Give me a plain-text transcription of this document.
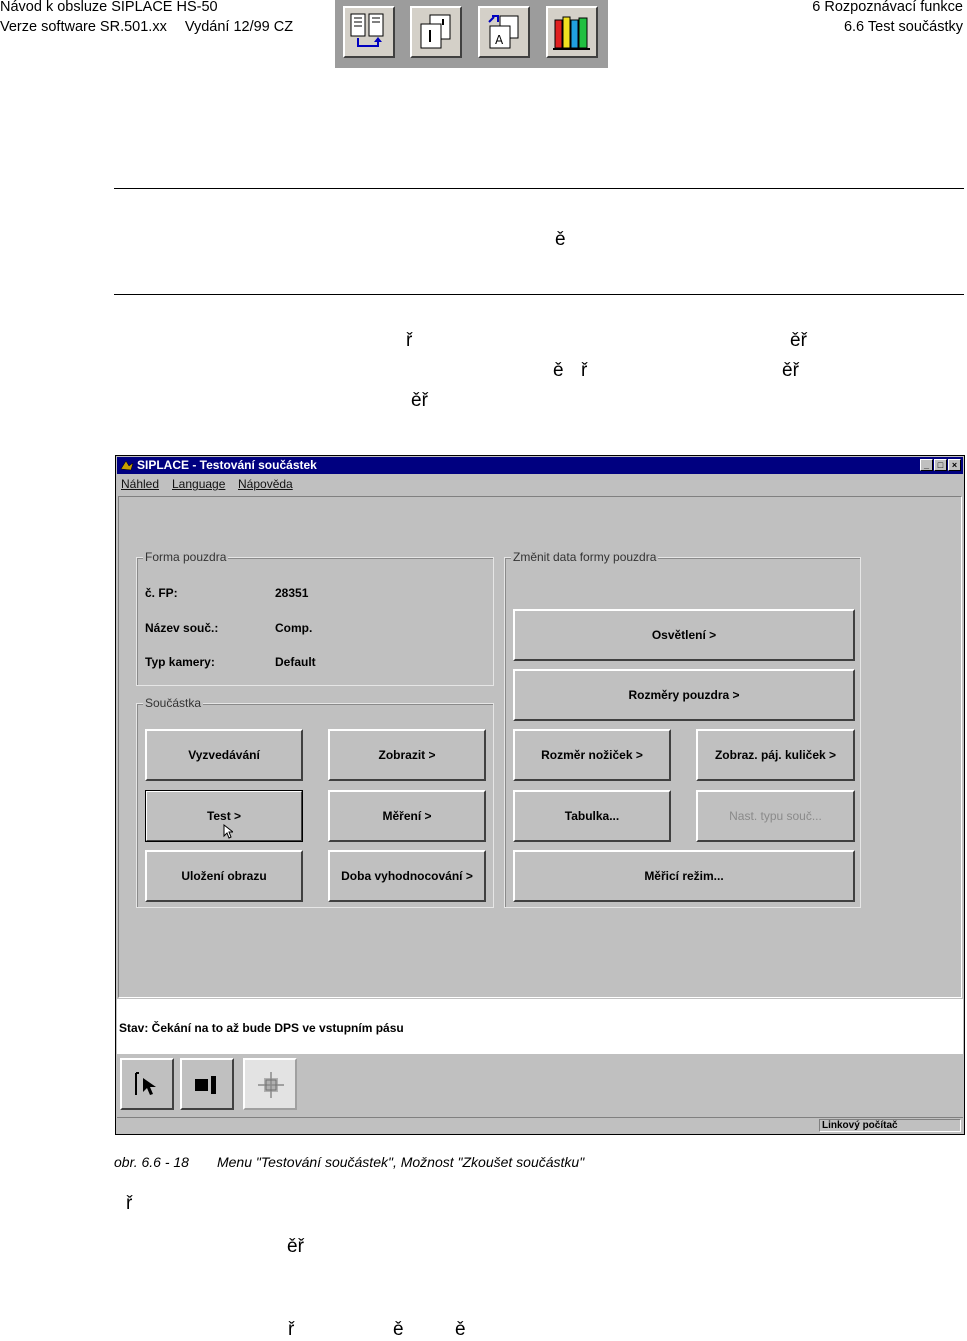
Návod k obsluze SIPLACE HS-50
Verze software SR.501.xx Vydání 12/99 CZ
6 Rozpoznávací funkce
6.6 Test součástky
A
ě
ř	ěř
ě ř	ěř
ěř
ř
ěř
ř	ě	ě
SIPLACE - Testování součástek	_ □ ×
Náhled Language Nápověda
Forma pouzdra
č. FP:	28351
Název souč.:	Comp.
Typ kamery:	Default
Součástka
Vyzvedávání	Zobrazit >
Test >	Měření >
Uložení obrazu	Doba vyhodnocování >
Změnit data formy pouzdra
Osvětlení >
Rozměry pouzdra >
Rozměr nožiček >	Zobraz. páj. kuliček >
Tabulka...	Nast. typu souč...
Měřicí režim...
Stav: Čekání na to až bude DPS ve vstupním pásu
Linkový počítač
obr. 6.6 - 18 Menu "Testování součástek", Možnost "Zkoušet součástku"
